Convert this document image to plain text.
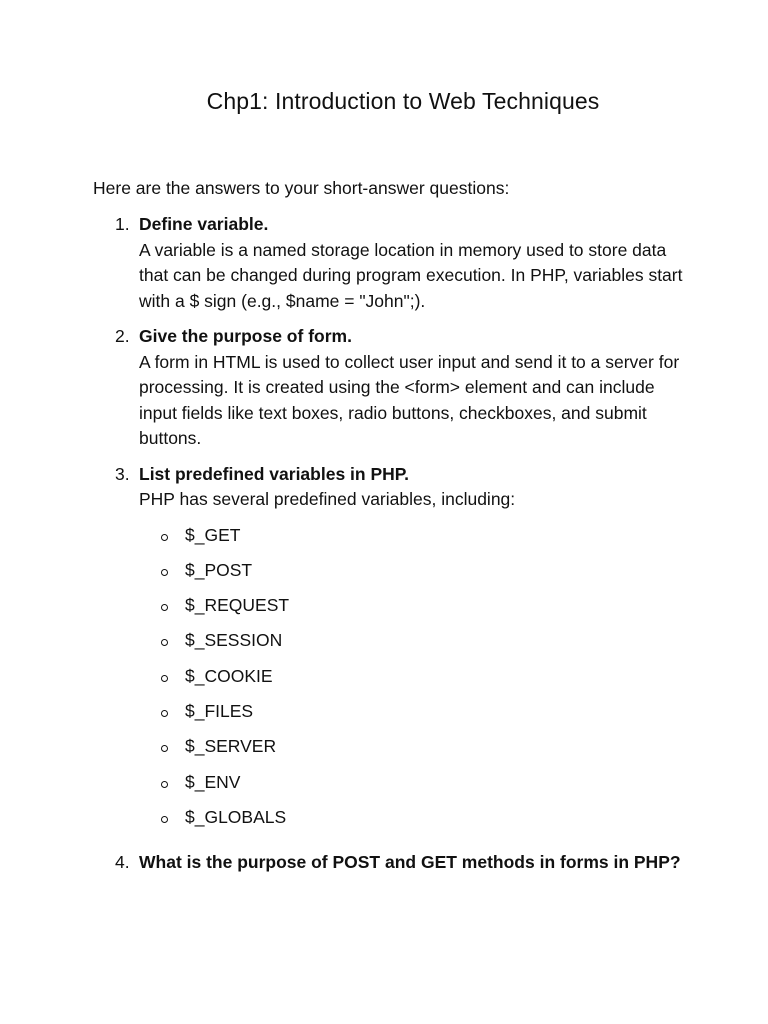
Chp1: Introduction to Web Techniques

Here are the answers to your short-answer questions:

1. Define variable.
A variable is a named storage location in memory used to store data that can be changed during program execution. In PHP, variables start with a $ sign (e.g., $name = "John";).
2. Give the purpose of form.
A form in HTML is used to collect user input and send it to a server for processing. It is created using the <form> element and can include input fields like text boxes, radio buttons, checkboxes, and submit buttons.
3. List predefined variables in PHP.
PHP has several predefined variables, including:
$_GET
$_POST
$_REQUEST
$_SESSION
$_COOKIE
$_FILES
$_SERVER
$_ENV
$_GLOBALS
4. What is the purpose of POST and GET methods in forms in PHP?
